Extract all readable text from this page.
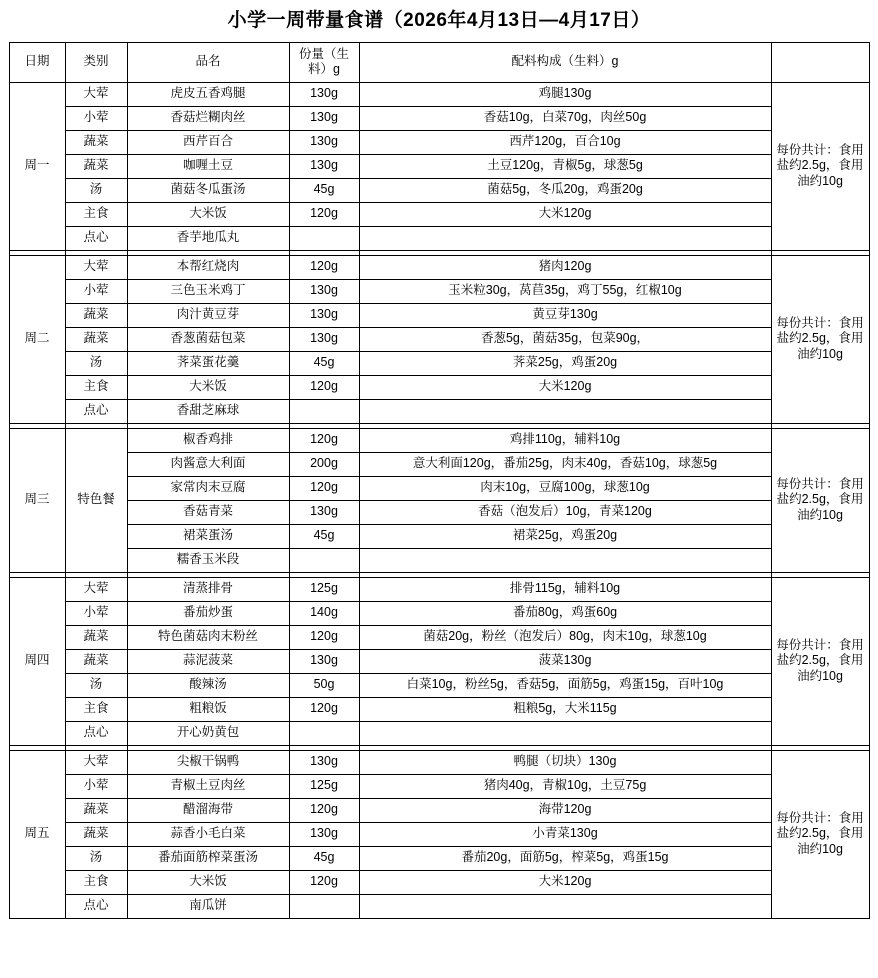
小学一周带量食谱（2026年4月13日—4月17日）
日期	类别	品名	份量（生料）g	配料构成（生料）g	
周一	大荤	虎皮五香鸡腿	130g	鸡腿130g	每份共计：食用盐约2.5g，食用油约10g
	小荤	香菇烂糊肉丝	130g	香菇10g，白菜70g，肉丝50g	
	蔬菜	西芹百合	130g	西芹120g，百合10g	
	蔬菜	咖喱土豆	130g	土豆120g，青椒5g，球葱5g	
	汤	菌菇冬瓜蛋汤	45g	菌菇5g，冬瓜20g，鸡蛋20g	
	主食	大米饭	120g	大米120g	
	点心	香芋地瓜丸			

周二	大荤	本帮红烧肉	120g	猪肉120g	每份共计：食用盐约2.5g，食用油约10g
	小荤	三色玉米鸡丁	130g	玉米粒30g，莴苣35g，鸡丁55g，红椒10g	
	蔬菜	肉汁黄豆芽	130g	黄豆芽130g	
	蔬菜	香葱菌菇包菜	130g	香葱5g，菌菇35g，包菜90g，	
	汤	荠菜蛋花羹	45g	荠菜25g，鸡蛋20g	
	主食	大米饭	120g	大米120g	
	点心	香甜芝麻球			

周三	特色餐	椒香鸡排	120g	鸡排110g，辅料10g	每份共计：食用盐约2.5g，食用油约10g
		肉酱意大利面	200g	意大利面120g，番茄25g，肉末40g，香菇10g，球葱5g	
		家常肉末豆腐	120g	肉末10g，豆腐100g，球葱10g	
		香菇青菜	130g	香菇（泡发后）10g，青菜120g	
		裙菜蛋汤	45g	裙菜25g，鸡蛋20g	
		糯香玉米段			

周四	大荤	清蒸排骨	125g	排骨115g，辅料10g	每份共计：食用盐约2.5g，食用油约10g
	小荤	番茄炒蛋	140g	番茄80g，鸡蛋60g	
	蔬菜	特色菌菇肉末粉丝	120g	菌菇20g，粉丝（泡发后）80g，肉末10g，球葱10g	
	蔬菜	蒜泥菠菜	130g	菠菜130g	
	汤	酸辣汤	50g	白菜10g，粉丝5g，香菇5g，面筋5g，鸡蛋15g，百叶10g	
	主食	粗粮饭	120g	粗粮5g，大米115g	
	点心	开心奶黄包			

周五	大荤	尖椒干锅鸭	130g	鸭腿（切块）130g	每份共计：食用盐约2.5g，食用油约10g
	小荤	青椒土豆肉丝	125g	猪肉40g，青椒10g，土豆75g	
	蔬菜	醋溜海带	120g	海带120g	
	蔬菜	蒜香小毛白菜	130g	小青菜130g	
	汤	番茄面筋榨菜蛋汤	45g	番茄20g，面筋5g，榨菜5g，鸡蛋15g	
	主食	大米饭	120g	大米120g	
	点心	南瓜饼			
